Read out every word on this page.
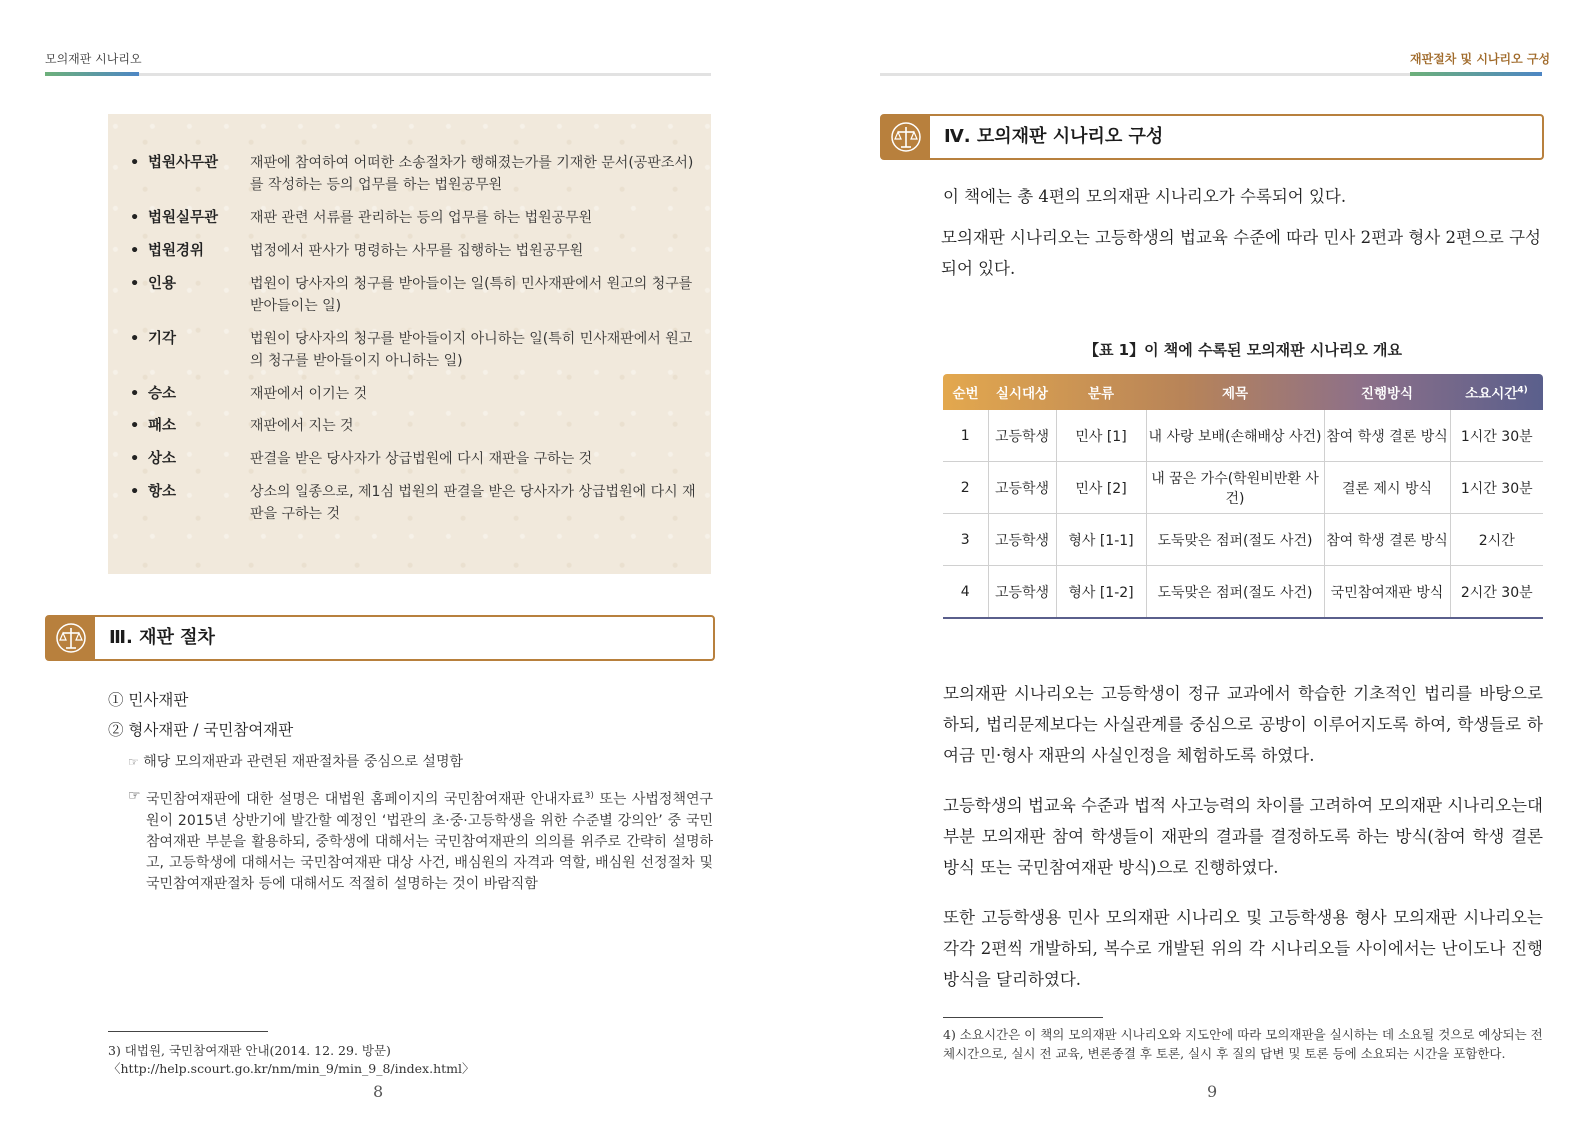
모의재판 시나리오
• 법원사무관	재판에 참여하여 어떠한 소송절차가 행해졌는가를 기재한 문서(공판조서)를 작성하는 등의 업무를 하는 법원공무원
• 법원실무관	재판 관련 서류를 관리하는 등의 업무를 하는 법원공무원
• 법원경위	법정에서 판사가 명령하는 사무를 집행하는 법원공무원
• 인용	법원이 당사자의 청구를 받아들이는 일(특히 민사재판에서 원고의 청구를 받아들이는 일)
• 기각	법원이 당사자의 청구를 받아들이지 아니하는 일(특히 민사재판에서 원고의 청구를 받아들이지 아니하는 일)
• 승소	재판에서 이기는 것
• 패소	재판에서 지는 것
• 상소	판결을 받은 당사자가 상급법원에 다시 재판을 구하는 것
• 항소	상소의 일종으로, 제1심 법원의 판결을 받은 당사자가 상급법원에 다시 재판을 구하는 것
Ⅲ. 재판 절차
① 민사재판
② 형사재판 / 국민참여재판
☞ 해당 모의재판과 관련된 재판절차를 중심으로 설명함
☞ 국민참여재판에 대한 설명은 대법원 홈페이지의 국민참여재판 안내자료$^{3)}$ 또는 사법정책연구원이 2015년 상반기에 발간할 예정인 ‘법관의 초·중·고등학생을 위한 수준별 강의안’ 중 국민참여재판 부분을 활용하되, 중학생에 대해서는 국민참여재판의 의의를 위주로 간략히 설명하고, 고등학생에 대해서는 국민참여재판 대상 사건, 배심원의 자격과 역할, 배심원 선정절차 및 국민참여재판절차 등에 대해서도 적절히 설명하는 것이 바람직함
3) 대법원, 국민참여재판 안내(2014. 12. 29. 방문) 〈http://help.scourt.go.kr/nm/min_9/min_9_8/index.html〉
8
재판절차 및 시나리오 구성
Ⅳ. 모의재판 시나리오 구성
이 책에는 총 4편의 모의재판 시나리오가 수록되어 있다.
모의재판 시나리오는 고등학생의 법교육 수준에 따라 민사 2편과 형사 2편으로 구성되어 있다.
【표 1】이 책에 수록된 모의재판 시나리오 개요
순번	실시대상	분류	제목	진행방식	소요시간$^{4)}$
1	고등학생	민사 [1]	내 사랑 보배(손해배상 사건)	참여 학생 결론 방식	1시간 30분
2	고등학생	민사 [2]	내 꿈은 가수(학원비반환 사건)	결론 제시 방식	1시간 30분
3	고등학생	형사 [1-1]	도둑맞은 점퍼(절도 사건)	참여 학생 결론 방식	2시간
4	고등학생	형사 [1-2]	도둑맞은 점퍼(절도 사건)	국민참여재판 방식	2시간 30분
모의재판 시나리오는 고등학생이 정규 교과에서 학습한 기초적인 법리를 바탕으로 하되, 법리문제보다는 사실관계를 중심으로 공방이 이루어지도록 하여, 학생들로 하여금 민·형사 재판의 사실인정을 체험하도록 하였다.
고등학생의 법교육 수준과 법적 사고능력의 차이를 고려하여 모의재판 시나리오는대부분 모의재판 참여 학생들이 재판의 결과를 결정하도록 하는 방식(참여 학생 결론 방식 또는 국민참여재판 방식)으로 진행하였다.
또한 고등학생용 민사 모의재판 시나리오 및 고등학생용 형사 모의재판 시나리오는 각각 2편씩 개발하되, 복수로 개발된 위의 각 시나리오들 사이에서는 난이도나 진행방식을 달리하였다.
4) 소요시간은 이 책의 모의재판 시나리오와 지도안에 따라 모의재판을 실시하는 데 소요될 것으로 예상되는 전체시간으로, 실시 전 교육, 변론종결 후 토론, 실시 후 질의 답변 및 토론 등에 소요되는 시간을 포함한다.
9
